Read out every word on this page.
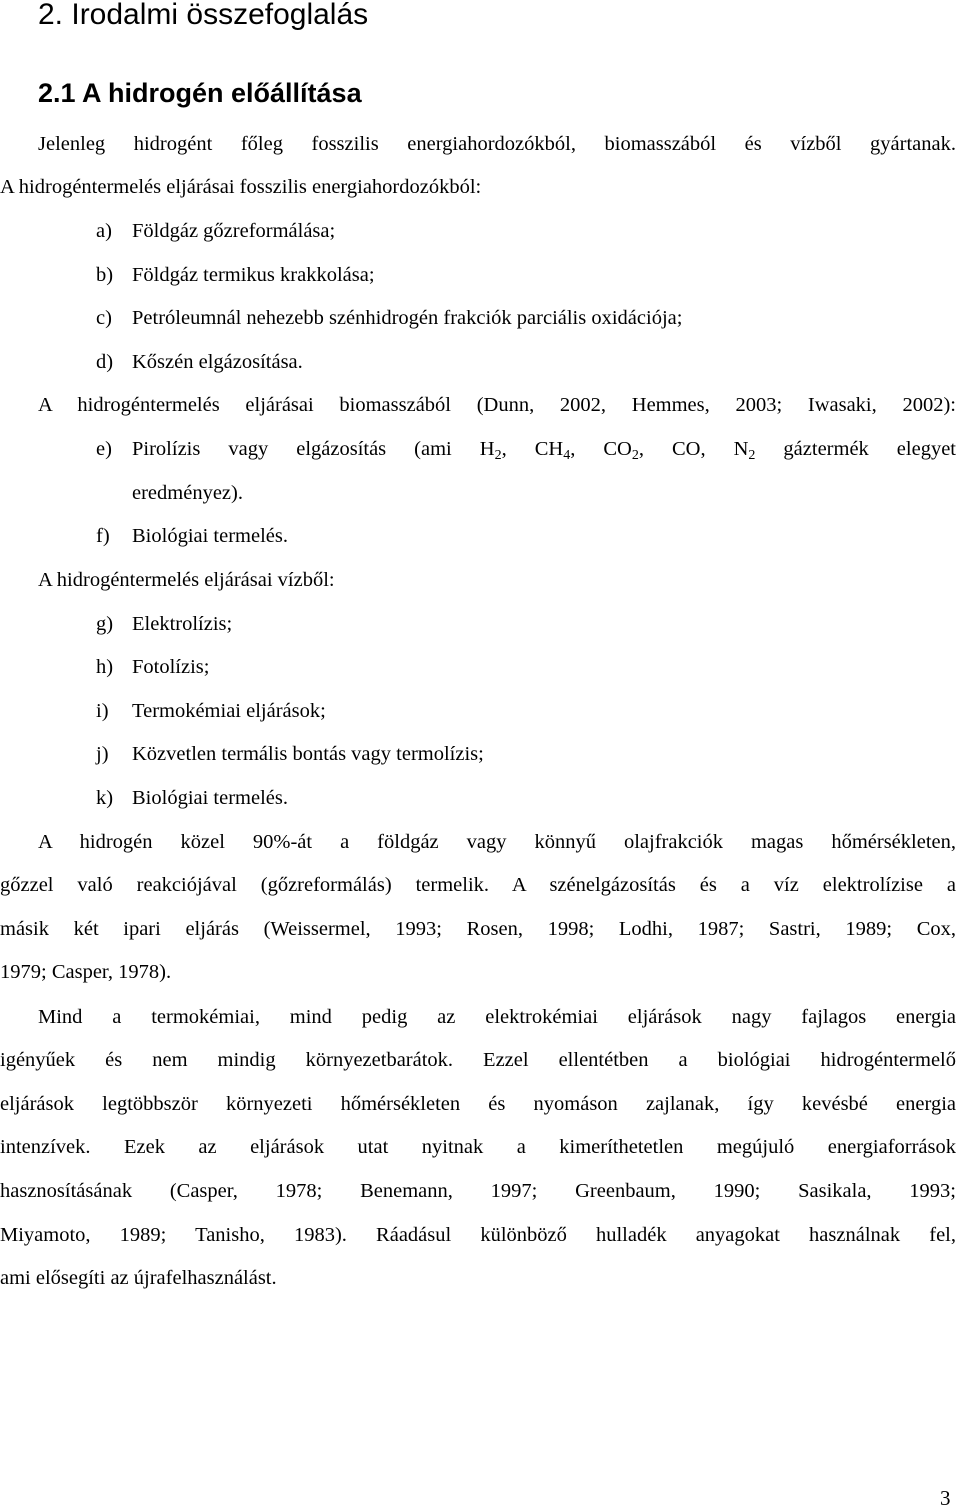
2. Irodalmi összefoglalás
2.1 A hidrogén előállítása
Jelenleg hidrogént főleg fosszilis energiahordozókból, biomasszából és vízből gyártanak.
A hidrogéntermelés eljárásai fosszilis energiahordozókból:
a) Földgáz gőzreformálása;
b) Földgáz termikus krakkolása;
c) Petróleumnál nehezebb szénhidrogén frakciók parciális oxidációja;
d) Kőszén elgázosítása.
A hidrogéntermelés eljárásai biomasszából (Dunn, 2002, Hemmes, 2003; Iwasaki, 2002):
e) Pirolízis vagy elgázosítás (ami $H_2$, $CH_4$, $CO_2$, CO, $N_2$ gáztermék elegyet
eredményez).
f) Biológiai termelés.
A hidrogéntermelés eljárásai vízből:
g) Elektrolízis;
h) Fotolízis;
i) Termokémiai eljárások;
j) Közvetlen termális bontás vagy termolízis;
k) Biológiai termelés.
A hidrogén közel 90%-át a földgáz vagy könnyű olajfrakciók magas hőmérsékleten,
gőzzel való reakciójával (gőzreformálás) termelik. A szénelgázosítás és a víz elektrolízise a
másik két ipari eljárás (Weissermel, 1993; Rosen, 1998; Lodhi, 1987; Sastri, 1989; Cox,
1979; Casper, 1978).
Mind a termokémiai, mind pedig az elektrokémiai eljárások nagy fajlagos energia
igényűek és nem mindig környezetbarátok. Ezzel ellentétben a biológiai hidrogéntermelő
eljárások legtöbbször környezeti hőmérsékleten és nyomáson zajlanak, így kevésbé energia
intenzívek. Ezek az eljárások utat nyitnak a kimeríthetetlen megújuló energiaforrások
hasznosításának (Casper, 1978; Benemann, 1997; Greenbaum, 1990; Sasikala, 1993;
Miyamoto, 1989; Tanisho, 1983). Ráadásul különböző hulladék anyagokat használnak fel,
ami elősegíti az újrafelhasználást.
3
